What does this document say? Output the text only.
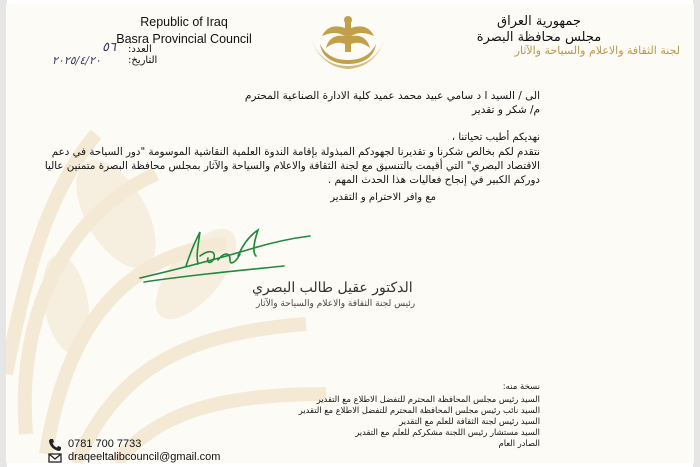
Republic of Iraq
Basra Provincial Council
العدد:
٥٦
التاريخ:
٢٠٢٥/٤/٢٠
جمهورية العراق
مجلس محافظة البصرة
لجنة الثقافة والاعلام والسياحة والآثار
الى / السيد ا د سامي عبيد محمد عميد كلية الادارة الصناعية المحترم
م/ شكر و تقدير
نهديكم أطيب تحياتنا ،
نتقدم لكم بخالص شكرنا و تقديرنا لجهودكم المبذولة بإقامة الندوة العلمية النقاشية الموسومة "دور السياحة في دعم الاقتصاد البصري" التي أقيمت بالتنسيق مع لجنة الثقافة والاعلام والسياحة والآثار بمجلس محافظة البصرة متمنين عاليا دوركم الكبير في إنجاح فعاليات هذا الحدث المهم .
مع وافر الاحترام و التقدير
الدكتور عقيل طالب البصري
رئيس لجنة الثقافة والاعلام والسياحة والآثار
نسخة منه:
السيد رئيس مجلس المحافظة المحترم للتفضل الاطلاع مع التقدير
السيد نائب رئيس مجلس المحافظة المحترم للتفضل الاطلاع مع التقدير
السيد رئيس لجنة الثقافة للعلم مع التقدير
السيد مستشار رئيس اللجنة مشكركم للعلم مع التقدير
الصادر العام
0781 700 7733
draqeeltalibcouncil@gmail.com
